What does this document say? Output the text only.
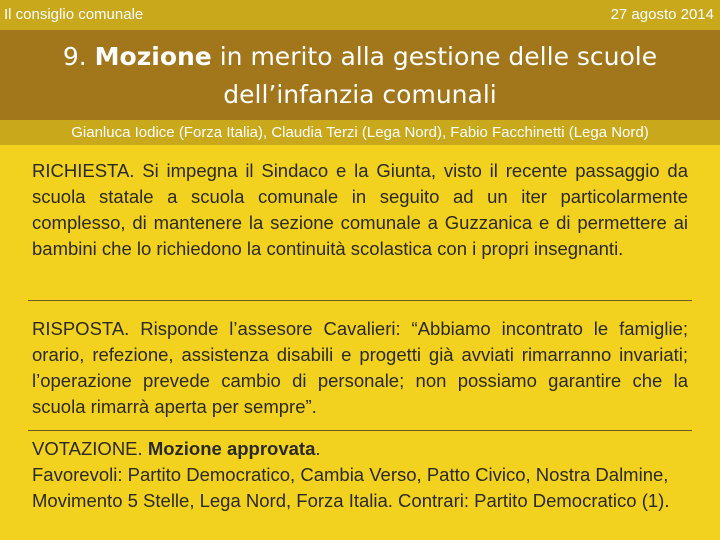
Il consiglio comunale	27 agosto 2014
9. Mozione in merito alla gestione delle scuole
dell’infanzia comunali
Gianluca Iodice (Forza Italia), Claudia Terzi (Lega Nord), Fabio Facchinetti (Lega Nord)
RICHIESTA. Si impegna il Sindaco e la Giunta, visto il recente passaggio da scuola statale a scuola comunale in seguito ad un iter particolarmente complesso, di mantenere la sezione comunale a Guzzanica e di permettere ai bambini che lo richiedono la continuità scolastica con i propri insegnanti.
RISPOSTA. Risponde l’assesore Cavalieri: “Abbiamo incontrato le famiglie; orario, refezione, assistenza disabili e progetti già avviati rimarranno invariati; l’operazione prevede cambio di personale; non possiamo garantire che la scuola rimarrà aperta per sempre”.
VOTAZIONE. Mozione approvata.
Favorevoli: Partito Democratico, Cambia Verso, Patto Civico, Nostra Dalmine, Movimento 5 Stelle, Lega Nord, Forza Italia. Contrari: Partito Democratico (1).
